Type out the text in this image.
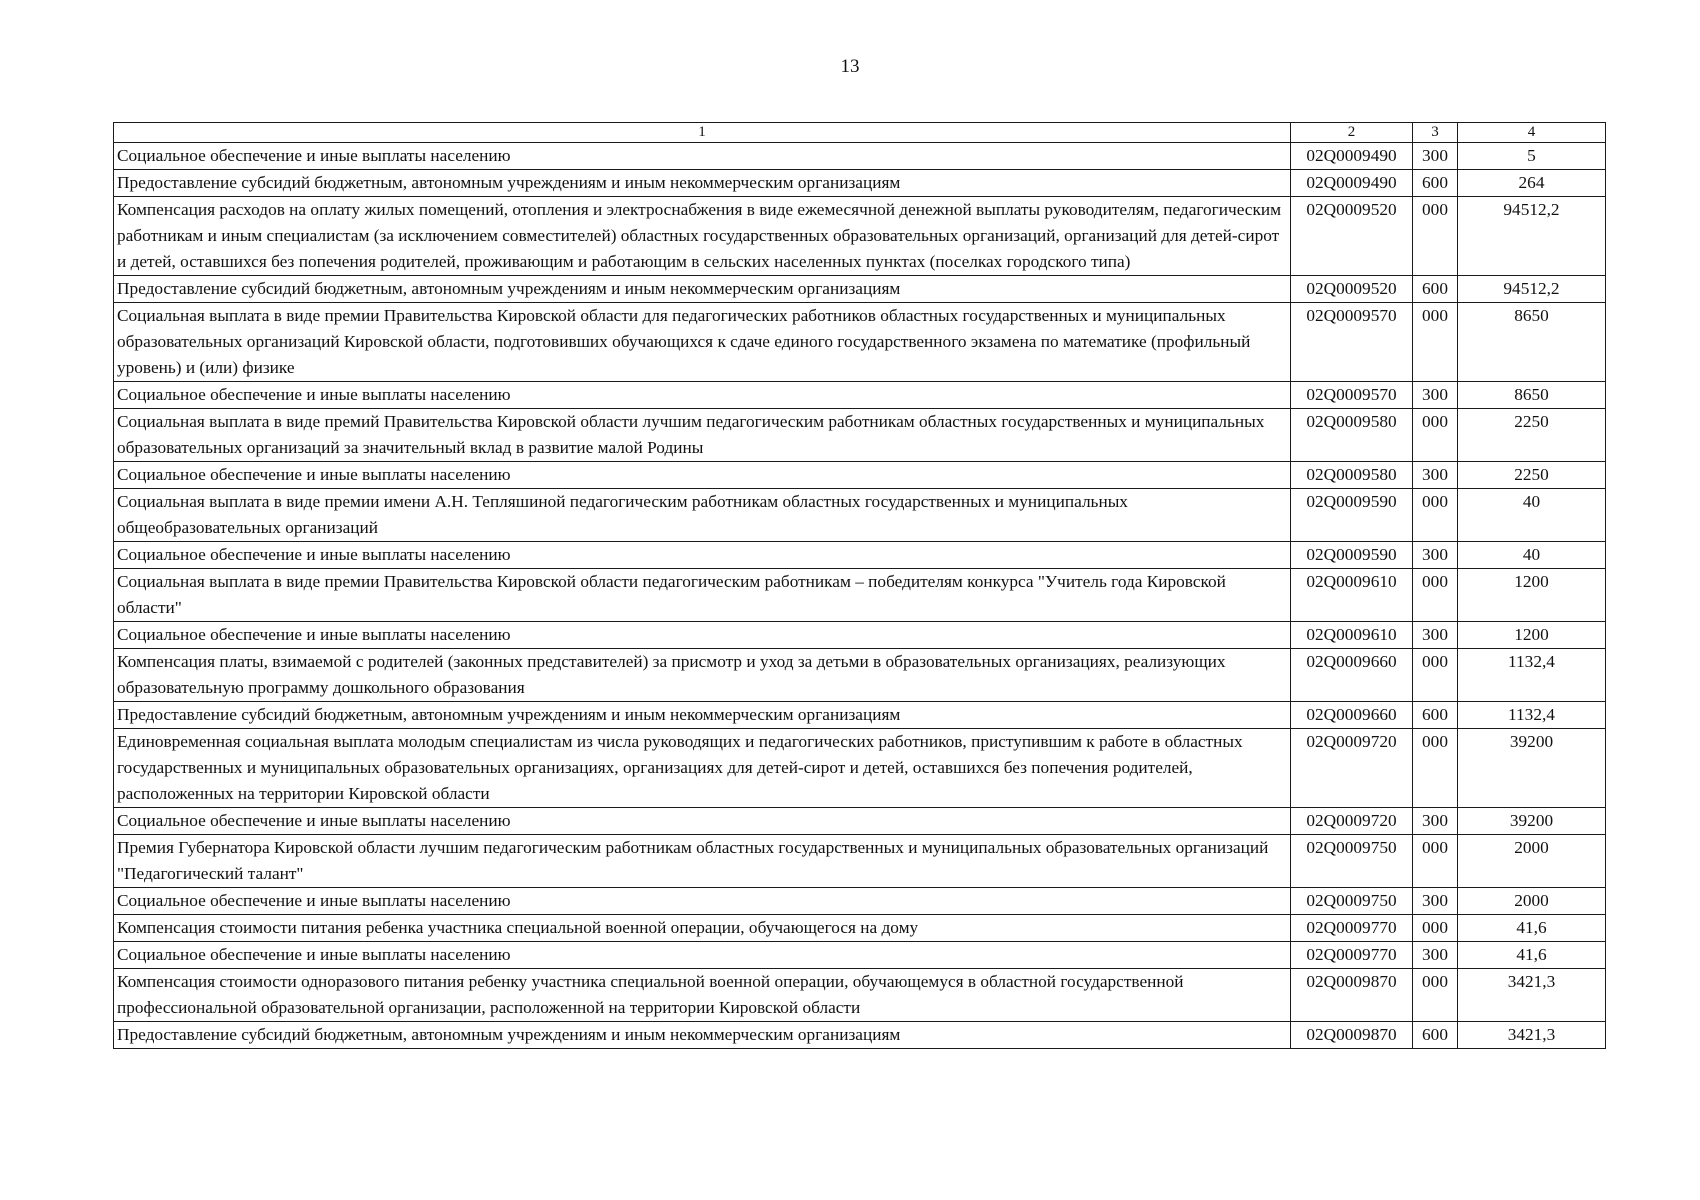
13
1	2	3	4
Социальное обеспечение и иные выплаты населению	02Q0009490	300	5
Предоставление субсидий бюджетным, автономным учреждениям и иным некоммерческим организациям	02Q0009490	600	264
Компенсация расходов на оплату жилых помещений, отопления и электроснабжения в виде ежемесячной денежной выплаты руководителям, педагогическим работникам и иным специалистам (за исключением совместителей) областных государственных образовательных организаций, организаций для детей-сирот и детей, оставшихся без попечения родителей, проживающим и работающим в сельских населенных пунктах (поселках городского типа)	02Q0009520	000	94512,2
Предоставление субсидий бюджетным, автономным учреждениям и иным некоммерческим организациям	02Q0009520	600	94512,2
Социальная выплата в виде премии Правительства Кировской области для педагогических работников областных государственных и муниципальных образовательных организаций Кировской области, подготовивших обучающихся к сдаче единого государственного экзамена по математике (профильный уровень) и (или) физике	02Q0009570	000	8650
Социальное обеспечение и иные выплаты населению	02Q0009570	300	8650
Социальная выплата в виде премий Правительства Кировской области лучшим педагогическим работникам областных государственных и муниципальных образовательных организаций за значительный вклад в развитие малой Родины	02Q0009580	000	2250
Социальное обеспечение и иные выплаты населению	02Q0009580	300	2250
Социальная выплата в виде премии имени А.Н. Тепляшиной педагогическим работникам областных государственных и муниципальных общеобразовательных организаций	02Q0009590	000	40
Социальное обеспечение и иные выплаты населению	02Q0009590	300	40
Социальная выплата в виде премии Правительства Кировской области педагогическим работникам – победителям конкурса "Учитель года Кировской области"	02Q0009610	000	1200
Социальное обеспечение и иные выплаты населению	02Q0009610	300	1200
Компенсация платы, взимаемой с родителей (законных представителей) за присмотр и уход за детьми в образовательных организациях, реализующих образовательную программу дошкольного образования	02Q0009660	000	1132,4
Предоставление субсидий бюджетным, автономным учреждениям и иным некоммерческим организациям	02Q0009660	600	1132,4
Единовременная социальная выплата молодым специалистам из числа руководящих и педагогических работников, приступившим к работе в областных государственных и муниципальных образовательных организациях, организациях для детей-сирот и детей, оставшихся без попечения родителей, расположенных на территории Кировской области	02Q0009720	000	39200
Социальное обеспечение и иные выплаты населению	02Q0009720	300	39200
Премия Губернатора Кировской области лучшим педагогическим работникам областных государственных и муниципальных образовательных организаций "Педагогический талант"	02Q0009750	000	2000
Социальное обеспечение и иные выплаты населению	02Q0009750	300	2000
Компенсация стоимости питания ребенка участника специальной военной операции, обучающегося на дому	02Q0009770	000	41,6
Социальное обеспечение и иные выплаты населению	02Q0009770	300	41,6
Компенсация стоимости одноразового питания ребенку участника специальной военной операции, обучающемуся в областной государственной профессиональной образовательной организации, расположенной на территории Кировской области	02Q0009870	000	3421,3
Предоставление субсидий бюджетным, автономным учреждениям и иным некоммерческим организациям	02Q0009870	600	3421,3
